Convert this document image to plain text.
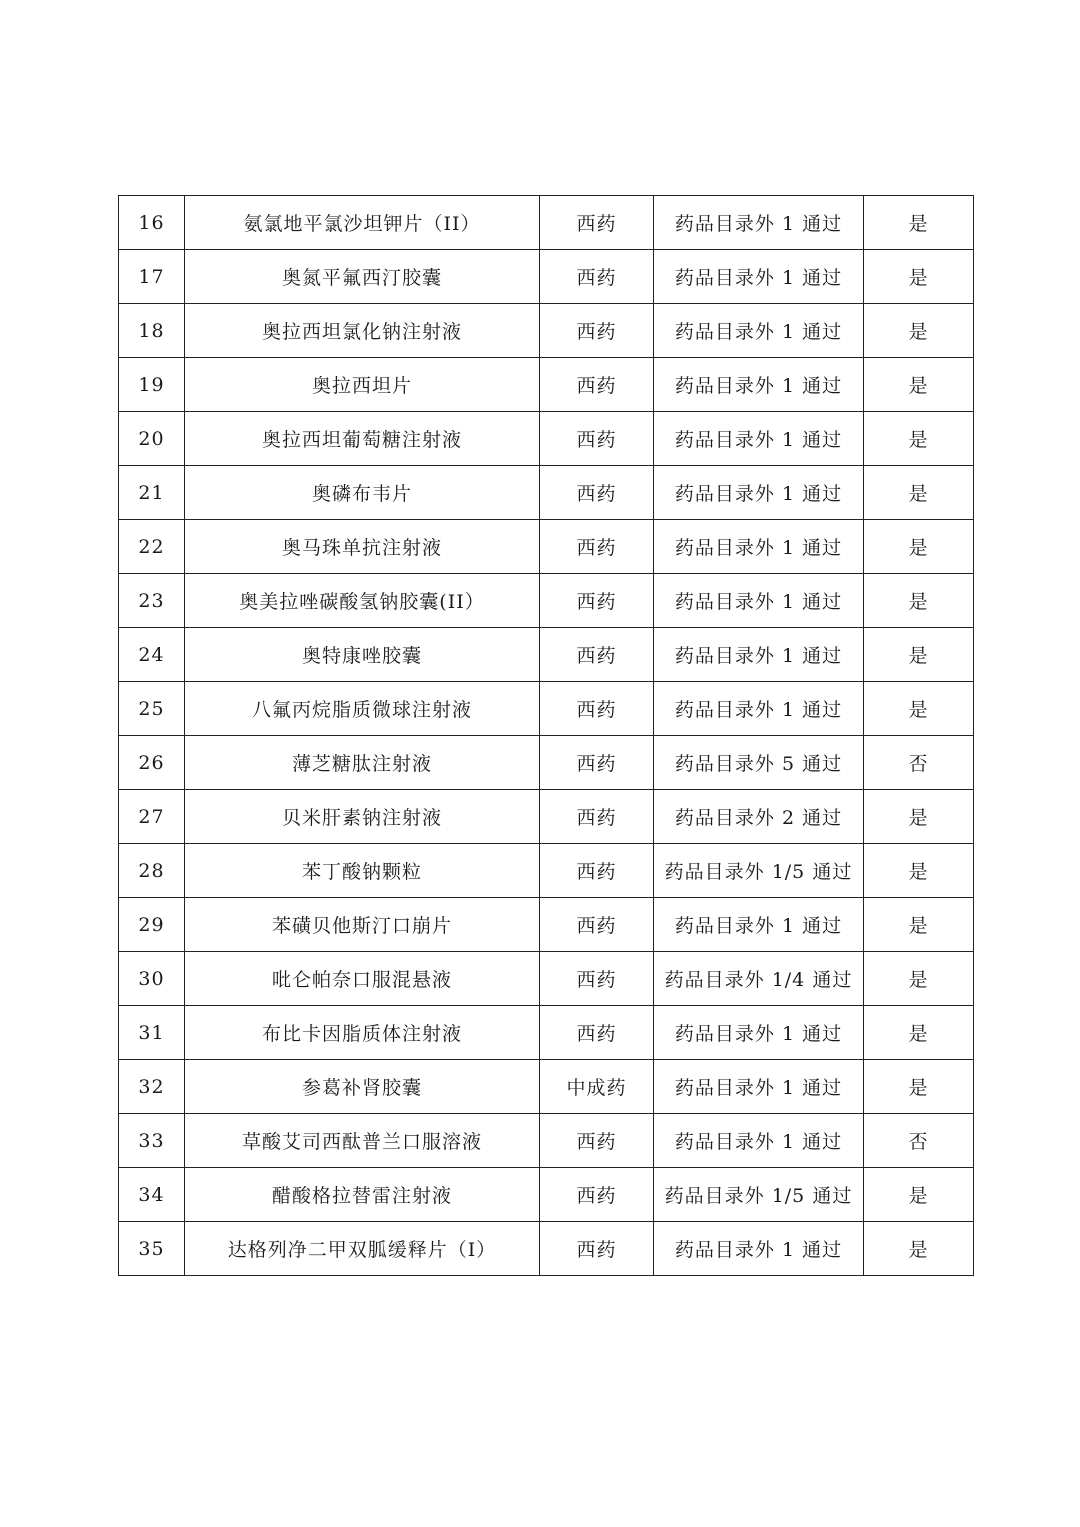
16	氨氯地平氯沙坦钾片（II）	西药	药品目录外 1 通过	是
17	奥氮平氟西汀胶囊	西药	药品目录外 1 通过	是
18	奥拉西坦氯化钠注射液	西药	药品目录外 1 通过	是
19	奥拉西坦片	西药	药品目录外 1 通过	是
20	奥拉西坦葡萄糖注射液	西药	药品目录外 1 通过	是
21	奥磷布韦片	西药	药品目录外 1 通过	是
22	奥马珠单抗注射液	西药	药品目录外 1 通过	是
23	奥美拉唑碳酸氢钠胶囊(II）	西药	药品目录外 1 通过	是
24	奥特康唑胶囊	西药	药品目录外 1 通过	是
25	八氟丙烷脂质微球注射液	西药	药品目录外 1 通过	是
26	薄芝糖肽注射液	西药	药品目录外 5 通过	否
27	贝米肝素钠注射液	西药	药品目录外 2 通过	是
28	苯丁酸钠颗粒	西药	药品目录外 1/5 通过	是
29	苯磺贝他斯汀口崩片	西药	药品目录外 1 通过	是
30	吡仑帕奈口服混悬液	西药	药品目录外 1/4 通过	是
31	布比卡因脂质体注射液	西药	药品目录外 1 通过	是
32	参葛补肾胶囊	中成药	药品目录外 1 通过	是
33	草酸艾司西酞普兰口服溶液	西药	药品目录外 1 通过	否
34	醋酸格拉替雷注射液	西药	药品目录外 1/5 通过	是
35	达格列净二甲双胍缓释片（I）	西药	药品目录外 1 通过	是
